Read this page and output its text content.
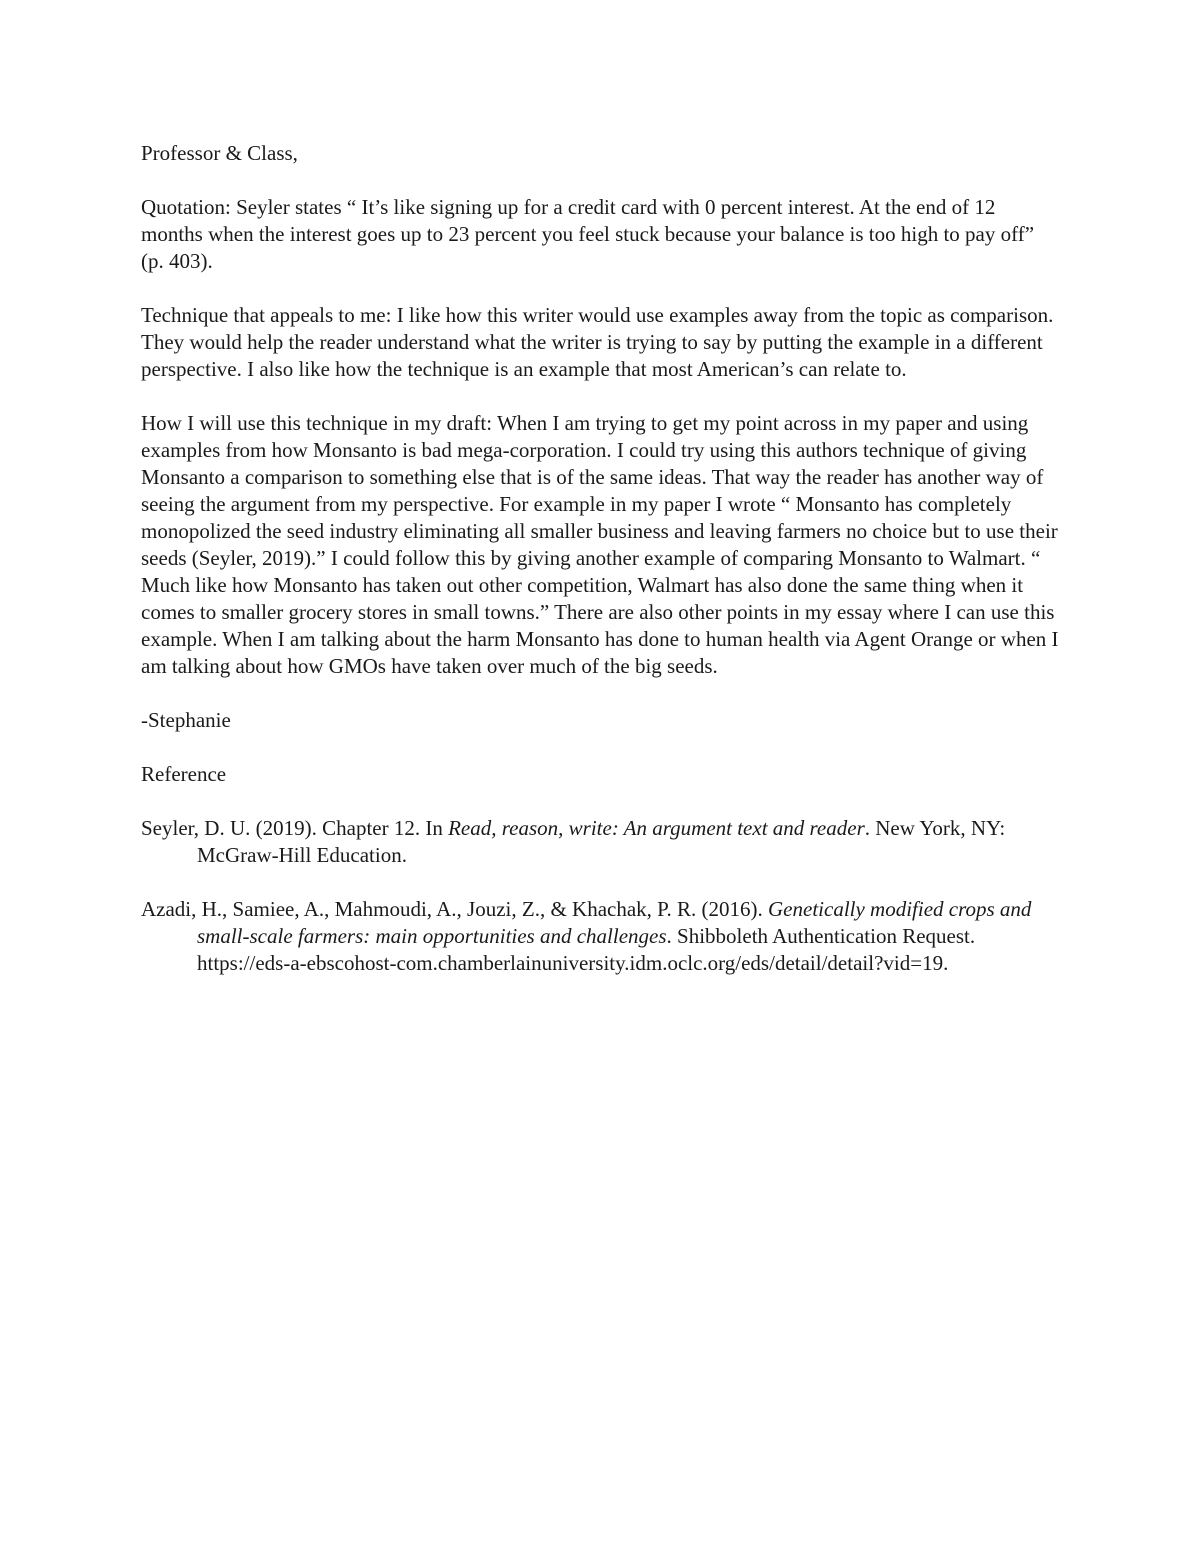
Professor & Class,

Quotation: Seyler states “ It’s like signing up for a credit card with 0 percent interest. At the end of 12 months when the interest goes up to 23 percent you feel stuck because your balance is too high to pay off” (p. 403).

Technique that appeals to me: I like how this writer would use examples away from the topic as comparison. They would help the reader understand what the writer is trying to say by putting the example in a different perspective. I also like how the technique is an example that most American’s can relate to.

How I will use this technique in my draft: When I am trying to get my point across in my paper and using examples from how Monsanto is bad mega-corporation. I could try using this authors technique of giving Monsanto a comparison to something else that is of the same ideas. That way the reader has another way of seeing the argument from my perspective. For example in my paper I wrote “ Monsanto has completely monopolized the seed industry eliminating all smaller business and leaving farmers no choice but to use their seeds (Seyler, 2019).” I could follow this by giving another example of comparing Monsanto to Walmart. “ Much like how Monsanto has taken out other competition, Walmart has also done the same thing when it comes to smaller grocery stores in small towns.” There are also other points in my essay where I can use this example. When I am talking about the harm Monsanto has done to human health via Agent Orange or when I am talking about how GMOs have taken over much of the big seeds.

-Stephanie

Reference

Seyler, D. U. (2019). Chapter 12. In Read, reason, write: An argument text and reader. New York, NY: McGraw-Hill Education.

Azadi, H., Samiee, A., Mahmoudi, A., Jouzi, Z., & Khachak, P. R. (2016). Genetically modified crops and small-scale farmers: main opportunities and challenges. Shibboleth Authentication Request. https://eds-a-ebscohost-com.chamberlainuniversity.idm.oclc.org/eds/detail/detail?vid=19.
